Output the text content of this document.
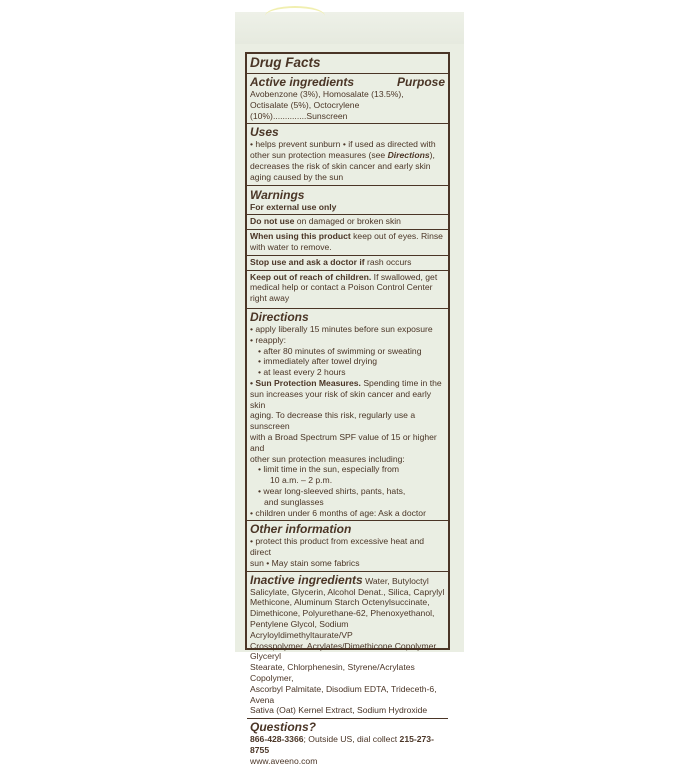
Drug Facts
Active ingredients	Purpose
Avobenzone (3%), Homosalate (13.5%),
Octisalate (5%), Octocrylene (10%)..............Sunscreen
Uses
• helps prevent sunburn • if used as directed with
other sun protection measures (see Directions),
decreases the risk of skin cancer and early skin
aging caused by the sun
Warnings
For external use only
Do not use on damaged or broken skin
When using this product keep out of eyes. Rinse
with water to remove.
Stop use and ask a doctor if rash occurs
Keep out of reach of children. If swallowed, get
medical help or contact a Poison Control Center
right away
Directions
• apply liberally 15 minutes before sun exposure
• reapply:
• after 80 minutes of swimming or sweating
• immediately after towel drying
• at least every 2 hours
• Sun Protection Measures. Spending time in the
sun increases your risk of skin cancer and early skin
aging. To decrease this risk, regularly use a sunscreen
with a Broad Spectrum SPF value of 15 or higher and
other sun protection measures including:
• limit time in the sun, especially from
10 a.m. – 2 p.m.
• wear long-sleeved shirts, pants, hats,
and sunglasses
• children under 6 months of age: Ask a doctor
Other information
• protect this product from excessive heat and direct
sun • May stain some fabrics
Inactive ingredients Water, Butyloctyl
Salicylate, Glycerin, Alcohol Denat., Silica, Caprylyl
Methicone, Aluminum Starch Octenylsuccinate,
Dimethicone, Polyurethane-62, Phenoxyethanol,
Pentylene Glycol, Sodium Acryloyldimethyltaurate/VP
Crosspolymer, Acrylates/Dimethicone Copolymer, Glyceryl
Stearate, Chlorphenesin, Styrene/Acrylates Copolymer,
Ascorbyl Palmitate, Disodium EDTA, Trideceth-6, Avena
Sativa (Oat) Kernel Extract, Sodium Hydroxide
Questions?
866-428-3366; Outside US, dial collect 215-273-8755
www.aveeno.com
